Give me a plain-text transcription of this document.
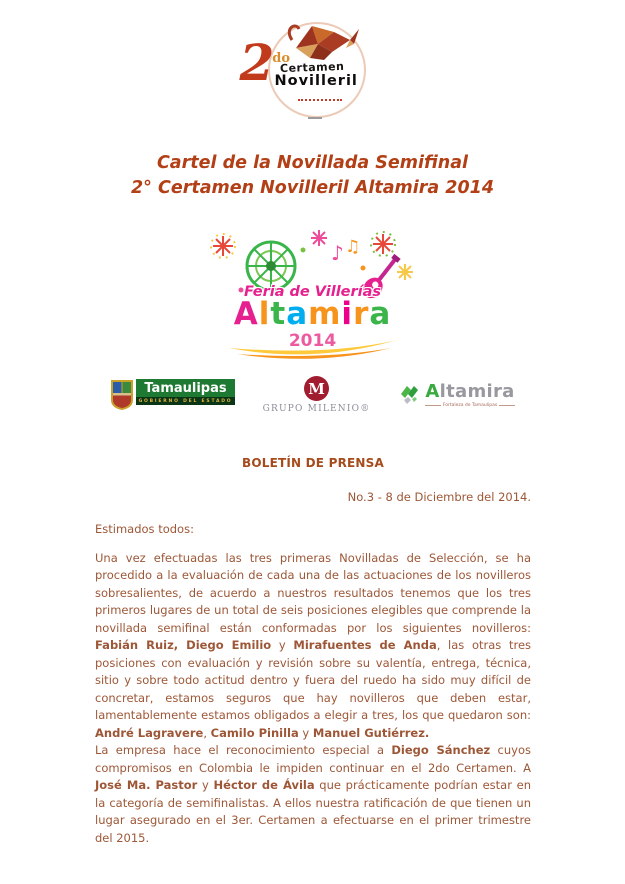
$2^{do}$
Certamen
Novilleril
Cartel de la Novillada Semifinal
2° Certamen Novilleril Altamira 2014
♪ ♫
Feria de Villerías
Altamira
2014
Tamaulipas
GOBIERNO DEL ESTADO
M
GRUPO MILENIO®
Altamira
Fortaleza de Tamaulipas
BOLETÍN DE PRENSA

No.3 - 8 de Diciembre del 2014.

Estimados todos:

Una vez efectuadas las tres primeras Novilladas de Selección, se ha procedido a la evaluación de cada una de las actuaciones de los novilleros sobresalientes, de acuerdo a nuestros resultados tenemos que los tres primeros lugares de un total de seis posiciones elegibles que comprende la novillada semifinal están conformadas por los siguientes novilleros: Fabián Ruiz, Diego Emilio y Mirafuentes de Anda, las otras tres posiciones con evaluación y revisión sobre su valentía, entrega, técnica, sitio y sobre todo actitud dentro y fuera del ruedo ha sido muy difícil de concretar, estamos seguros que hay novilleros que deben estar, lamentablemente estamos obligados a elegir a tres, los que quedaron son: André Lagravere, Camilo Pinilla y Manuel Gutiérrez.

La empresa hace el reconocimiento especial a Diego Sánchez cuyos compromisos en Colombia le impiden continuar en el 2do Certamen. A José Ma. Pastor y Héctor de Ávila que prácticamente podrían estar en la categoría de semifinalistas. A ellos nuestra ratificación de que tienen un lugar asegurado en el 3er. Certamen a efectuarse en el primer trimestre del 2015.
